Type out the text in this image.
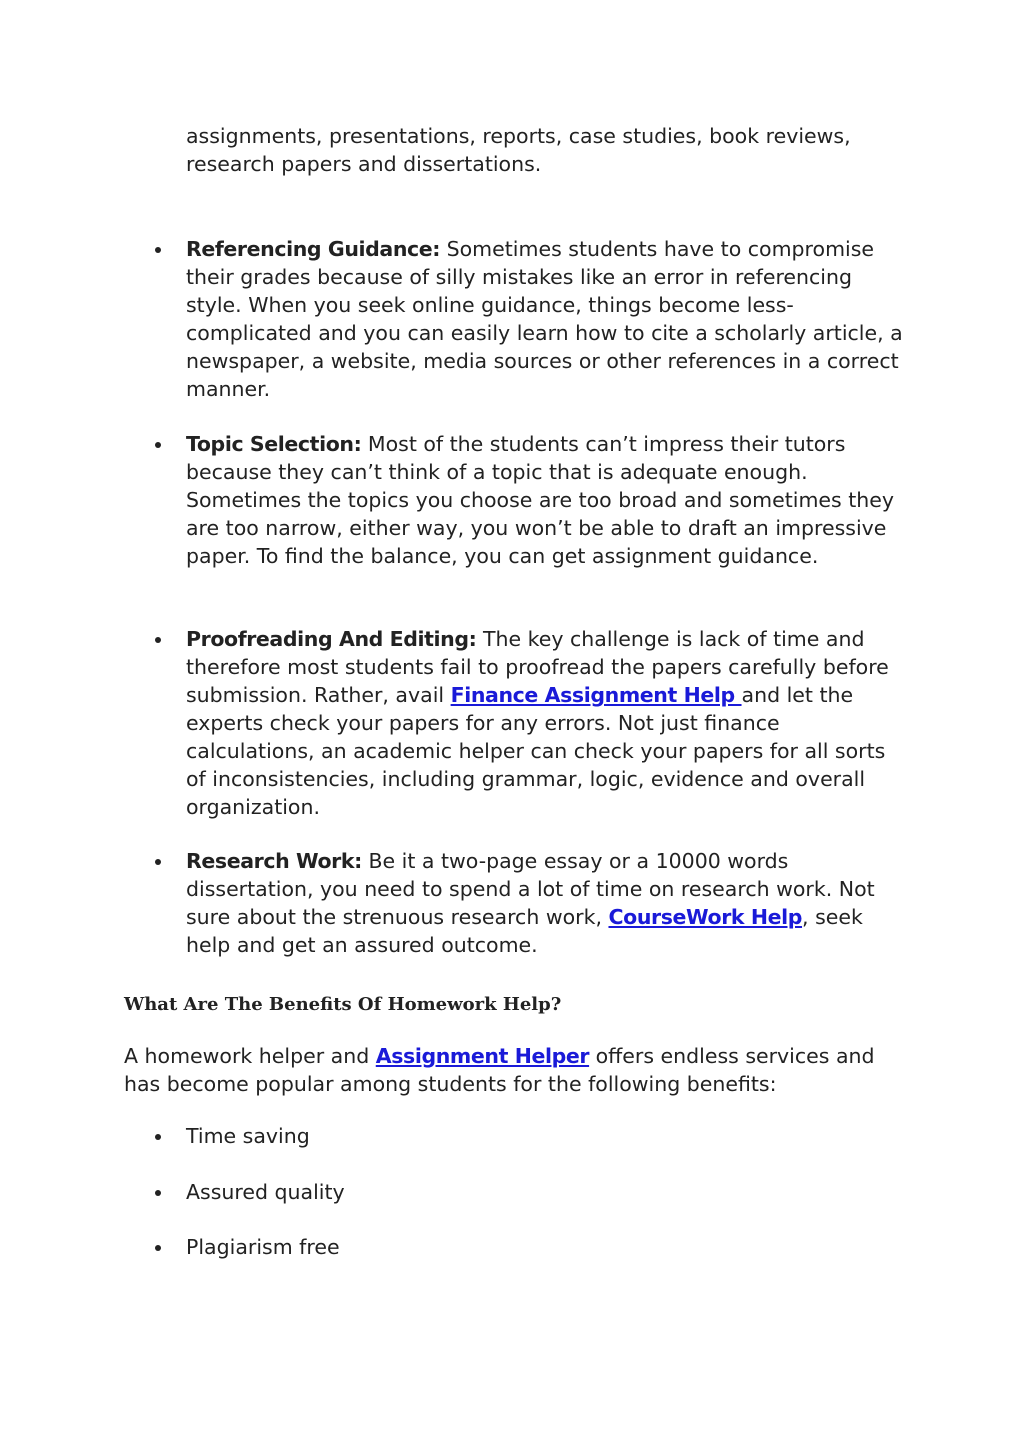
assignments, presentations, reports, case studies, book reviews, research papers and dissertations.

Referencing Guidance: Sometimes students have to compromise their grades because of silly mistakes like an error in referencing style. When you seek online guidance, things become less-complicated and you can easily learn how to cite a scholarly article, a newspaper, a website, media sources or other references in a correct manner.
Topic Selection: Most of the students can’t impress their tutors because they can’t think of a topic that is adequate enough. Sometimes the topics you choose are too broad and sometimes they are too narrow, either way, you won’t be able to draft an impressive paper. To find the balance, you can get assignment guidance.
Proofreading And Editing: The key challenge is lack of time and therefore most students fail to proofread the papers carefully before submission. Rather, avail Finance Assignment Help and let the experts check your papers for any errors. Not just finance calculations, an academic helper can check your papers for all sorts of inconsistencies, including grammar, logic, evidence and overall organization.
Research Work: Be it a two-page essay or a 10000 words dissertation, you need to spend a lot of time on research work. Not sure about the strenuous research work, CourseWork Help, seek help and get an assured outcome.
What Are The Benefits Of Homework Help?

A homework helper and Assignment Helper offers endless services and has become popular among students for the following benefits:

Time saving
Assured quality
Plagiarism free
